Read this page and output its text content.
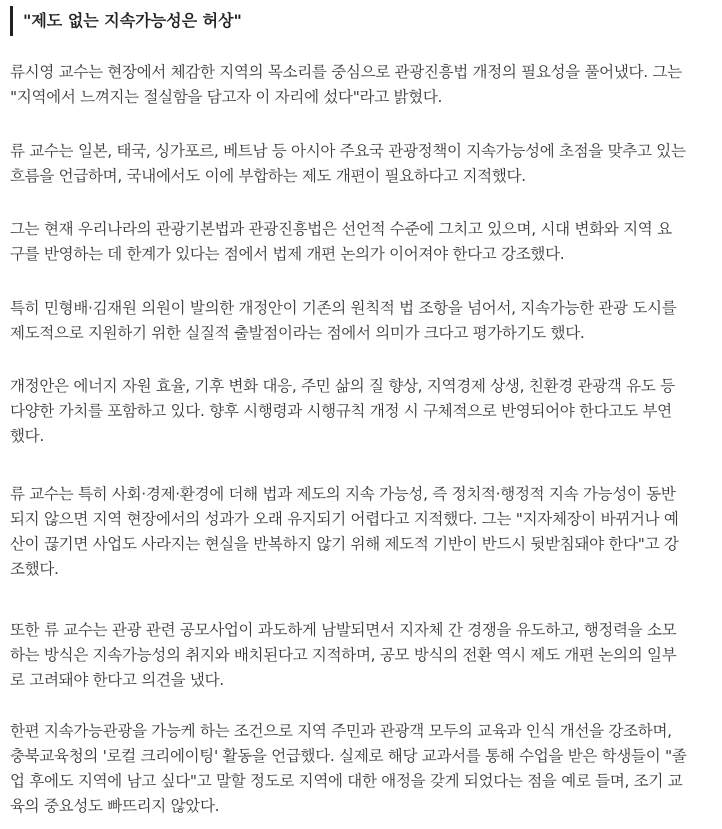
"제도 없는 지속가능성은 허상"
류시영 교수는 현장에서 체감한 지역의 목소리를 중심으로 관광진흥법 개정의 필요성을 풀어냈다. 그는
"지역에서 느껴지는 절실함을 담고자 이 자리에 섰다"라고 밝혔다.
류 교수는 일본, 태국, 싱가포르, 베트남 등 아시아 주요국 관광정책이 지속가능성에 초점을 맞추고 있는
흐름을 언급하며, 국내에서도 이에 부합하는 제도 개편이 필요하다고 지적했다.
그는 현재 우리나라의 관광기본법과 관광진흥법은 선언적 수준에 그치고 있으며, 시대 변화와 지역 요
구를 반영하는 데 한계가 있다는 점에서 법제 개편 논의가 이어져야 한다고 강조했다.
특히 민형배·김재원 의원이 발의한 개정안이 기존의 원칙적 법 조항을 넘어서, 지속가능한 관광 도시를
제도적으로 지원하기 위한 실질적 출발점이라는 점에서 의미가 크다고 평가하기도 했다.
개정안은 에너지 자원 효율, 기후 변화 대응, 주민 삶의 질 향상, 지역경제 상생, 친환경 관광객 유도 등
다양한 가치를 포함하고 있다. 향후 시행령과 시행규칙 개정 시 구체적으로 반영되어야 한다고도 부연
했다.
류 교수는 특히 사회·경제·환경에 더해 법과 제도의 지속 가능성, 즉 정치적·행정적 지속 가능성이 동반
되지 않으면 지역 현장에서의 성과가 오래 유지되기 어렵다고 지적했다. 그는 "지자체장이 바뀌거나 예
산이 끊기면 사업도 사라지는 현실을 반복하지 않기 위해 제도적 기반이 반드시 뒷받침돼야 한다"고 강
조했다.
또한 류 교수는 관광 관련 공모사업이 과도하게 남발되면서 지자체 간 경쟁을 유도하고, 행정력을 소모
하는 방식은 지속가능성의 취지와 배치된다고 지적하며, 공모 방식의 전환 역시 제도 개편 논의의 일부
로 고려돼야 한다고 의견을 냈다.
한편 지속가능관광을 가능케 하는 조건으로 지역 주민과 관광객 모두의 교육과 인식 개선을 강조하며,
충북교육청의 '로컬 크리에이팅' 활동을 언급했다. 실제로 해당 교과서를 통해 수업을 받은 학생들이 "졸
업 후에도 지역에 남고 싶다"고 말할 정도로 지역에 대한 애정을 갖게 되었다는 점을 예로 들며, 조기 교
육의 중요성도 빠뜨리지 않았다.
